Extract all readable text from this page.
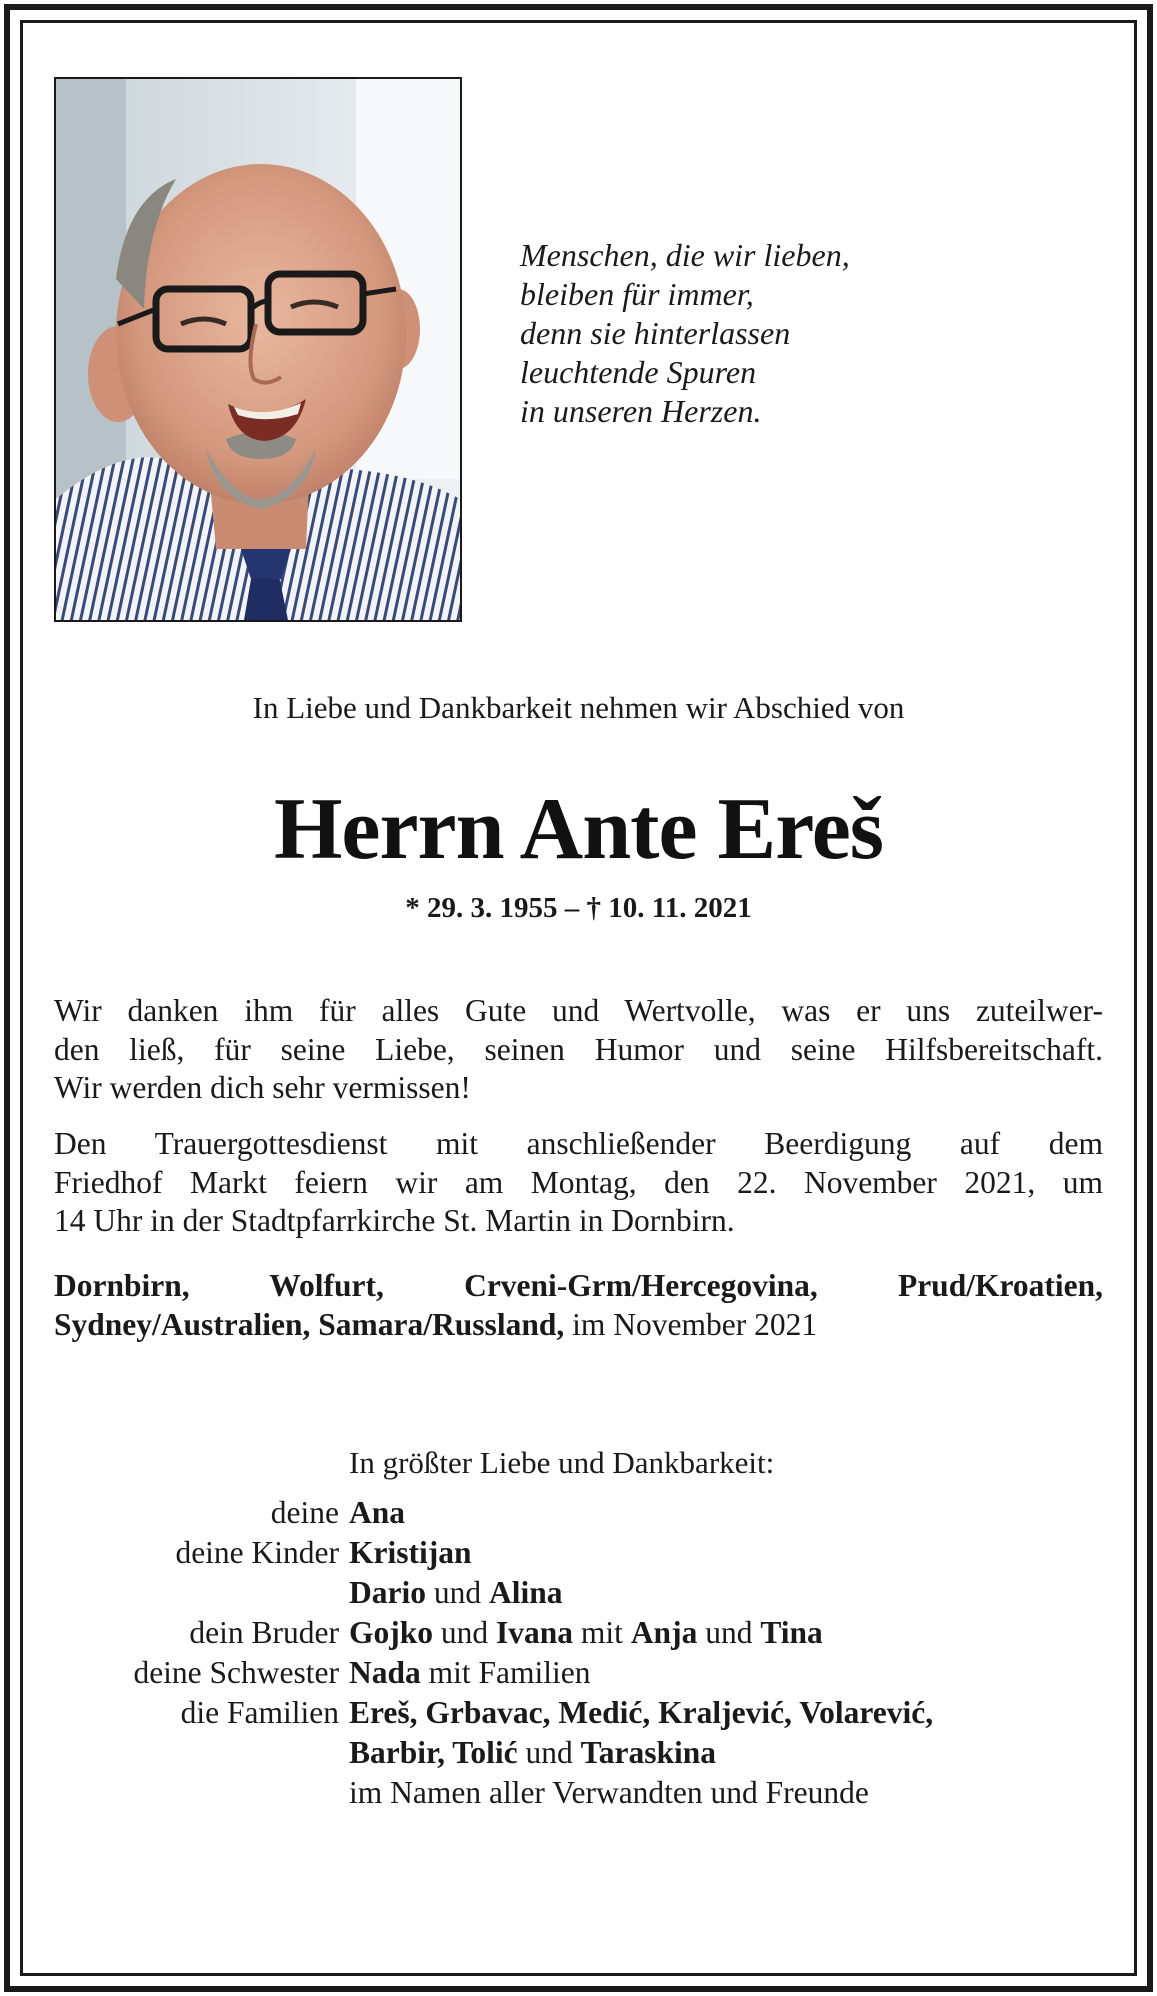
Menschen, die wir lieben,
bleiben für immer,
denn sie hinterlassen
leuchtende Spuren
in unseren Herzen.
In Liebe und Dankbarkeit nehmen wir Abschied von
Herrn Ante Ereš
* 29. 3. 1955 – † 10. 11. 2021
Wir danken ihm für alles Gute und Wertvolle, was er uns zuteilwer-
den ließ, für seine Liebe, seinen Humor und seine Hilfsbereitschaft.
Wir werden dich sehr vermissen!
Den Trauergottesdienst mit anschließender Beerdigung auf dem
Friedhof Markt feiern wir am Montag, den 22. November 2021, um
14 Uhr in der Stadtpfarrkirche St. Martin in Dornbirn.
Dornbirn, Wolfurt, Crveni-Grm/Hercegovina, Prud/Kroatien,
Sydney/Australien, Samara/Russland, im November 2021
In größter Liebe und Dankbarkeit:
deine Ana
deine Kinder Kristijan
Dario und Alina
dein Bruder Gojko und Ivana mit Anja und Tina
deine Schwester Nada mit Familien
die Familien Ereš, Grbavac, Medić, Kraljević, Volarević,
Barbir, Tolić und Taraskina
im Namen aller Verwandten und Freunde
